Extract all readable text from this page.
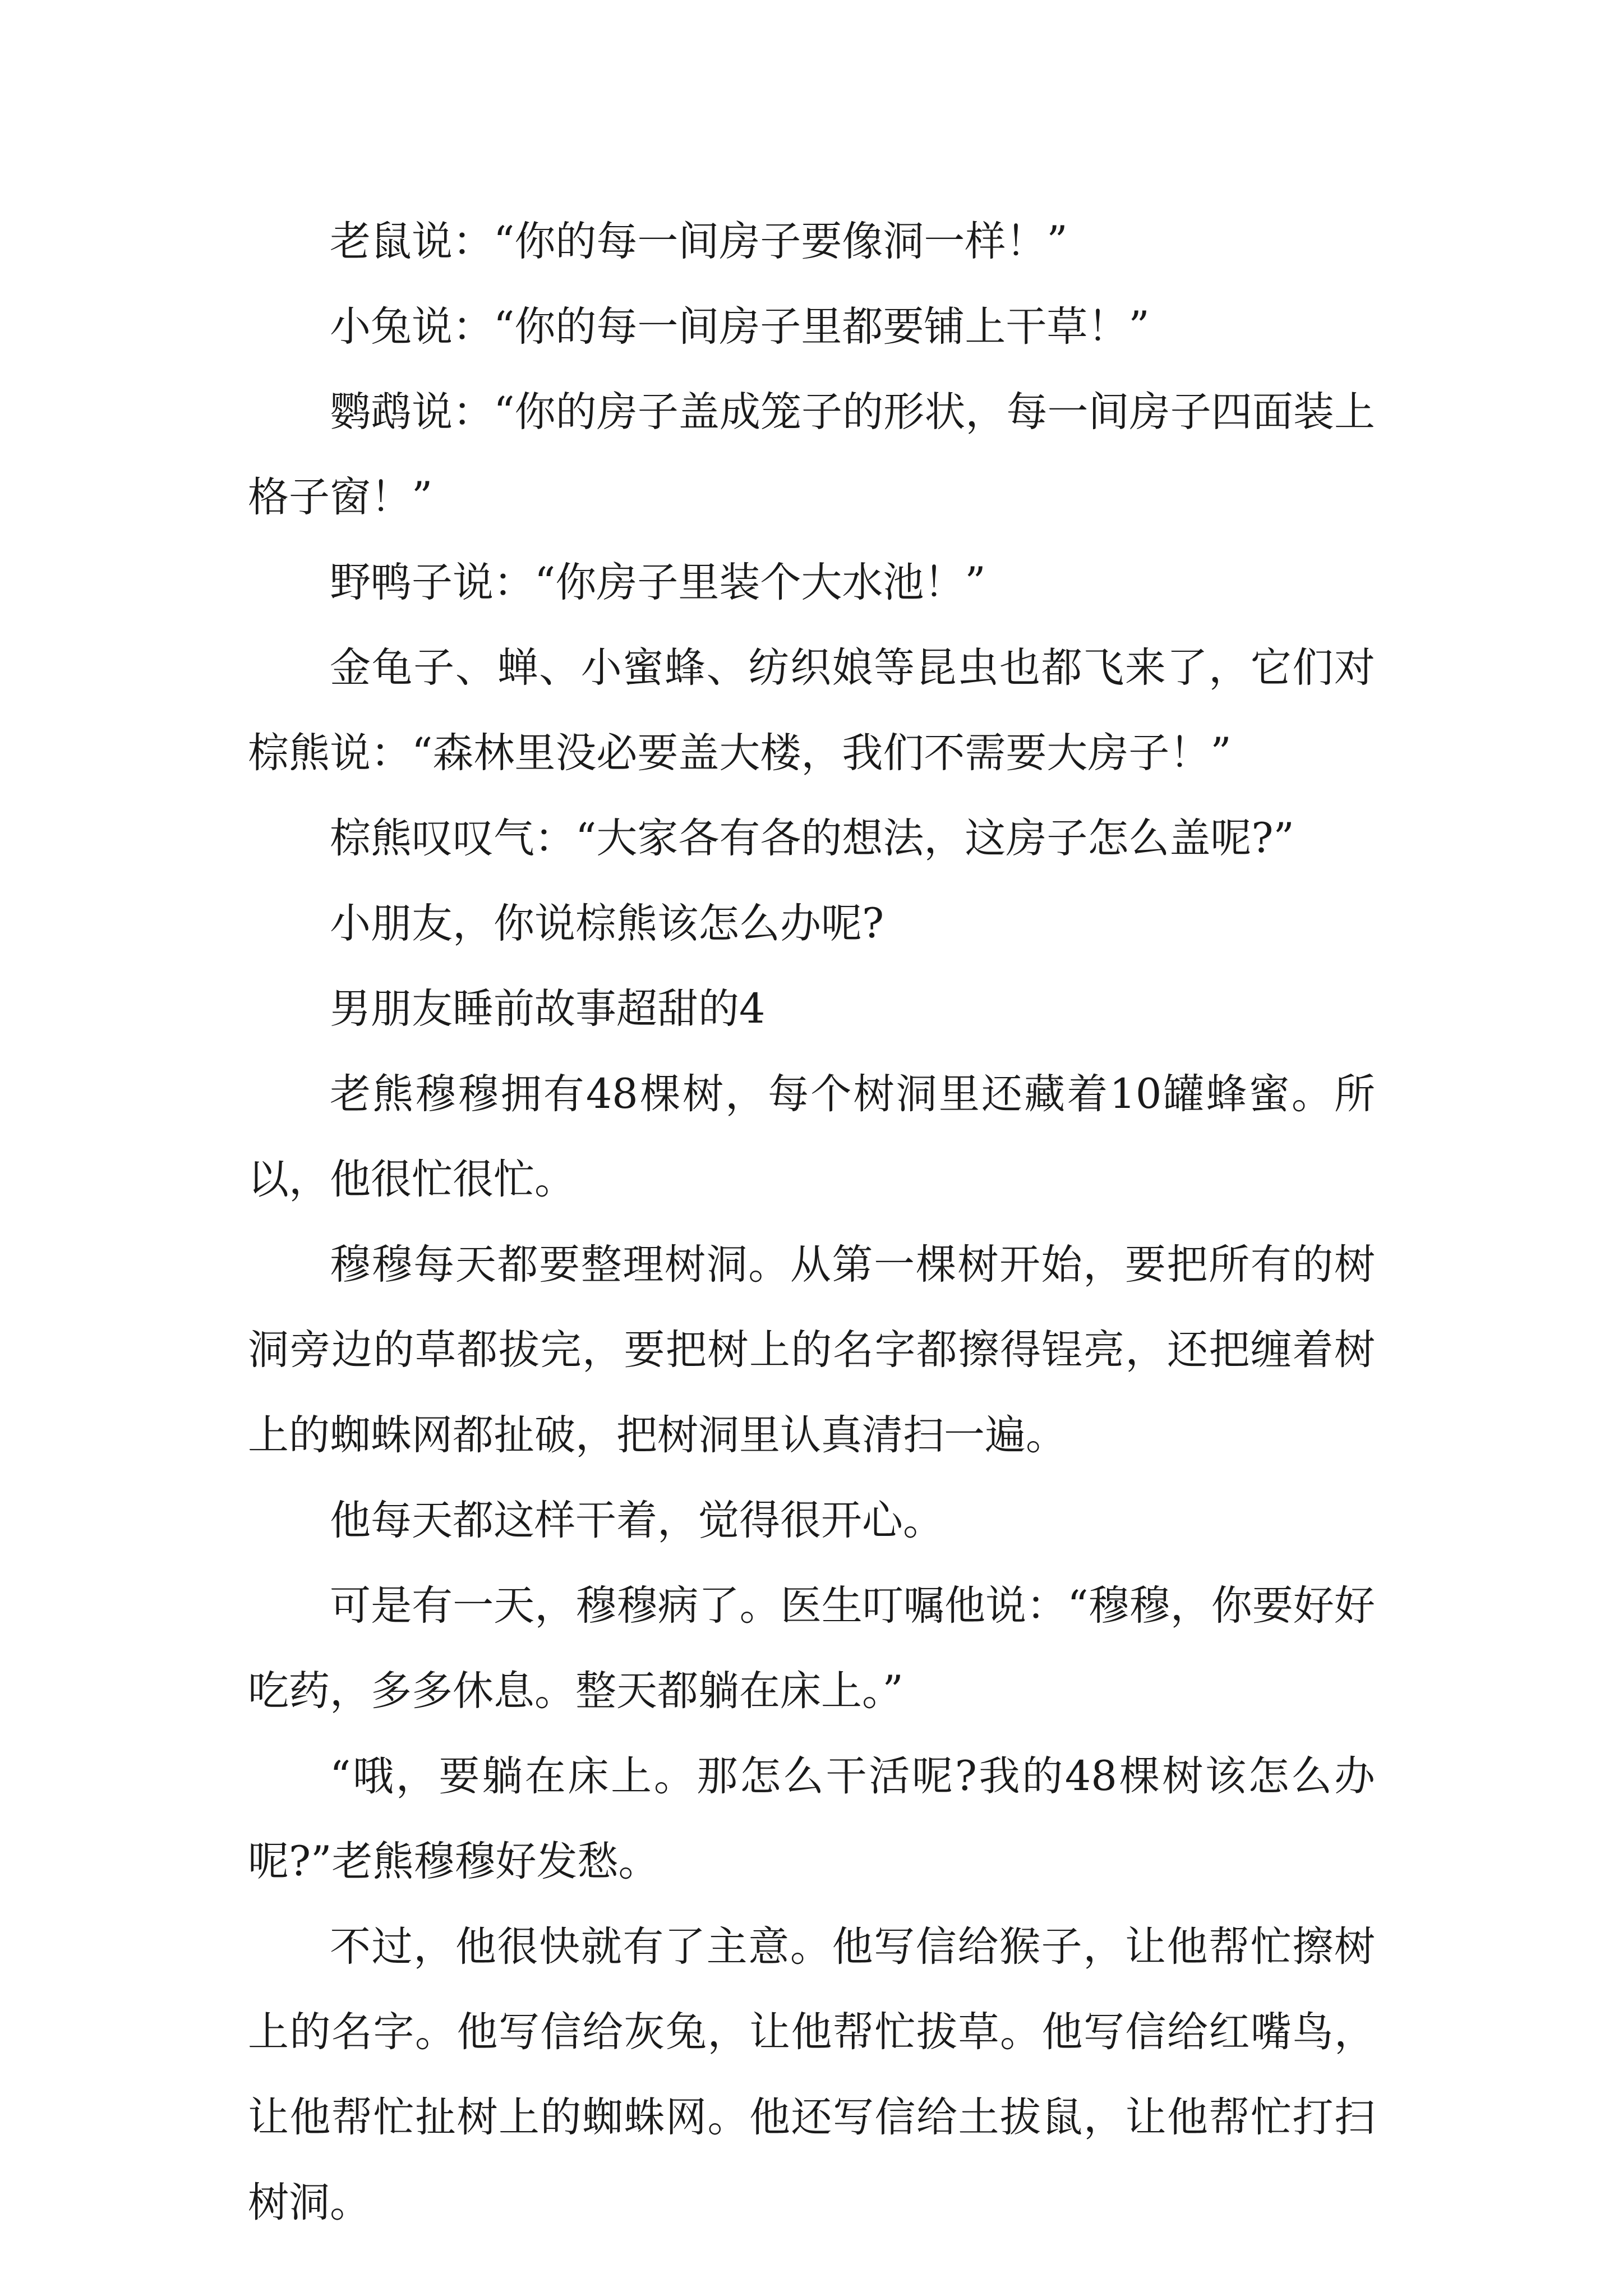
老鼠说：“你的每一间房子要像洞一样！”

小兔说：“你的每一间房子里都要铺上干草！”

鹦鹉说：“你的房子盖成笼子的形状，每一间房子四面装上格子窗！”

野鸭子说：“你房子里装个大水池！”

金龟子、蝉、小蜜蜂、纺织娘等昆虫也都飞来了，它们对棕熊说：“森林里没必要盖大楼，我们不需要大房子！”

棕熊叹叹气：“大家各有各的想法，这房子怎么盖呢?”

小朋友，你说棕熊该怎么办呢?

男朋友睡前故事超甜的4

老熊穆穆拥有48棵树，每个树洞里还藏着10罐蜂蜜。所以，他很忙很忙。

穆穆每天都要整理树洞。从第一棵树开始，要把所有的树洞旁边的草都拔完，要把树上的名字都擦得锃亮，还把缠着树上的蜘蛛网都扯破，把树洞里认真清扫一遍。

他每天都这样干着，觉得很开心。

可是有一天，穆穆病了。医生叮嘱他说：“穆穆，你要好好吃药，多多休息。整天都躺在床上。”

“哦，要躺在床上。那怎么干活呢?我的48棵树该怎么办呢?”老熊穆穆好发愁。

不过，他很快就有了主意。他写信给猴子，让他帮忙擦树上的名字。他写信给灰兔，让他帮忙拔草。他写信给红嘴鸟，让他帮忙扯树上的蜘蛛网。他还写信给土拔鼠，让他帮忙打扫树洞。
